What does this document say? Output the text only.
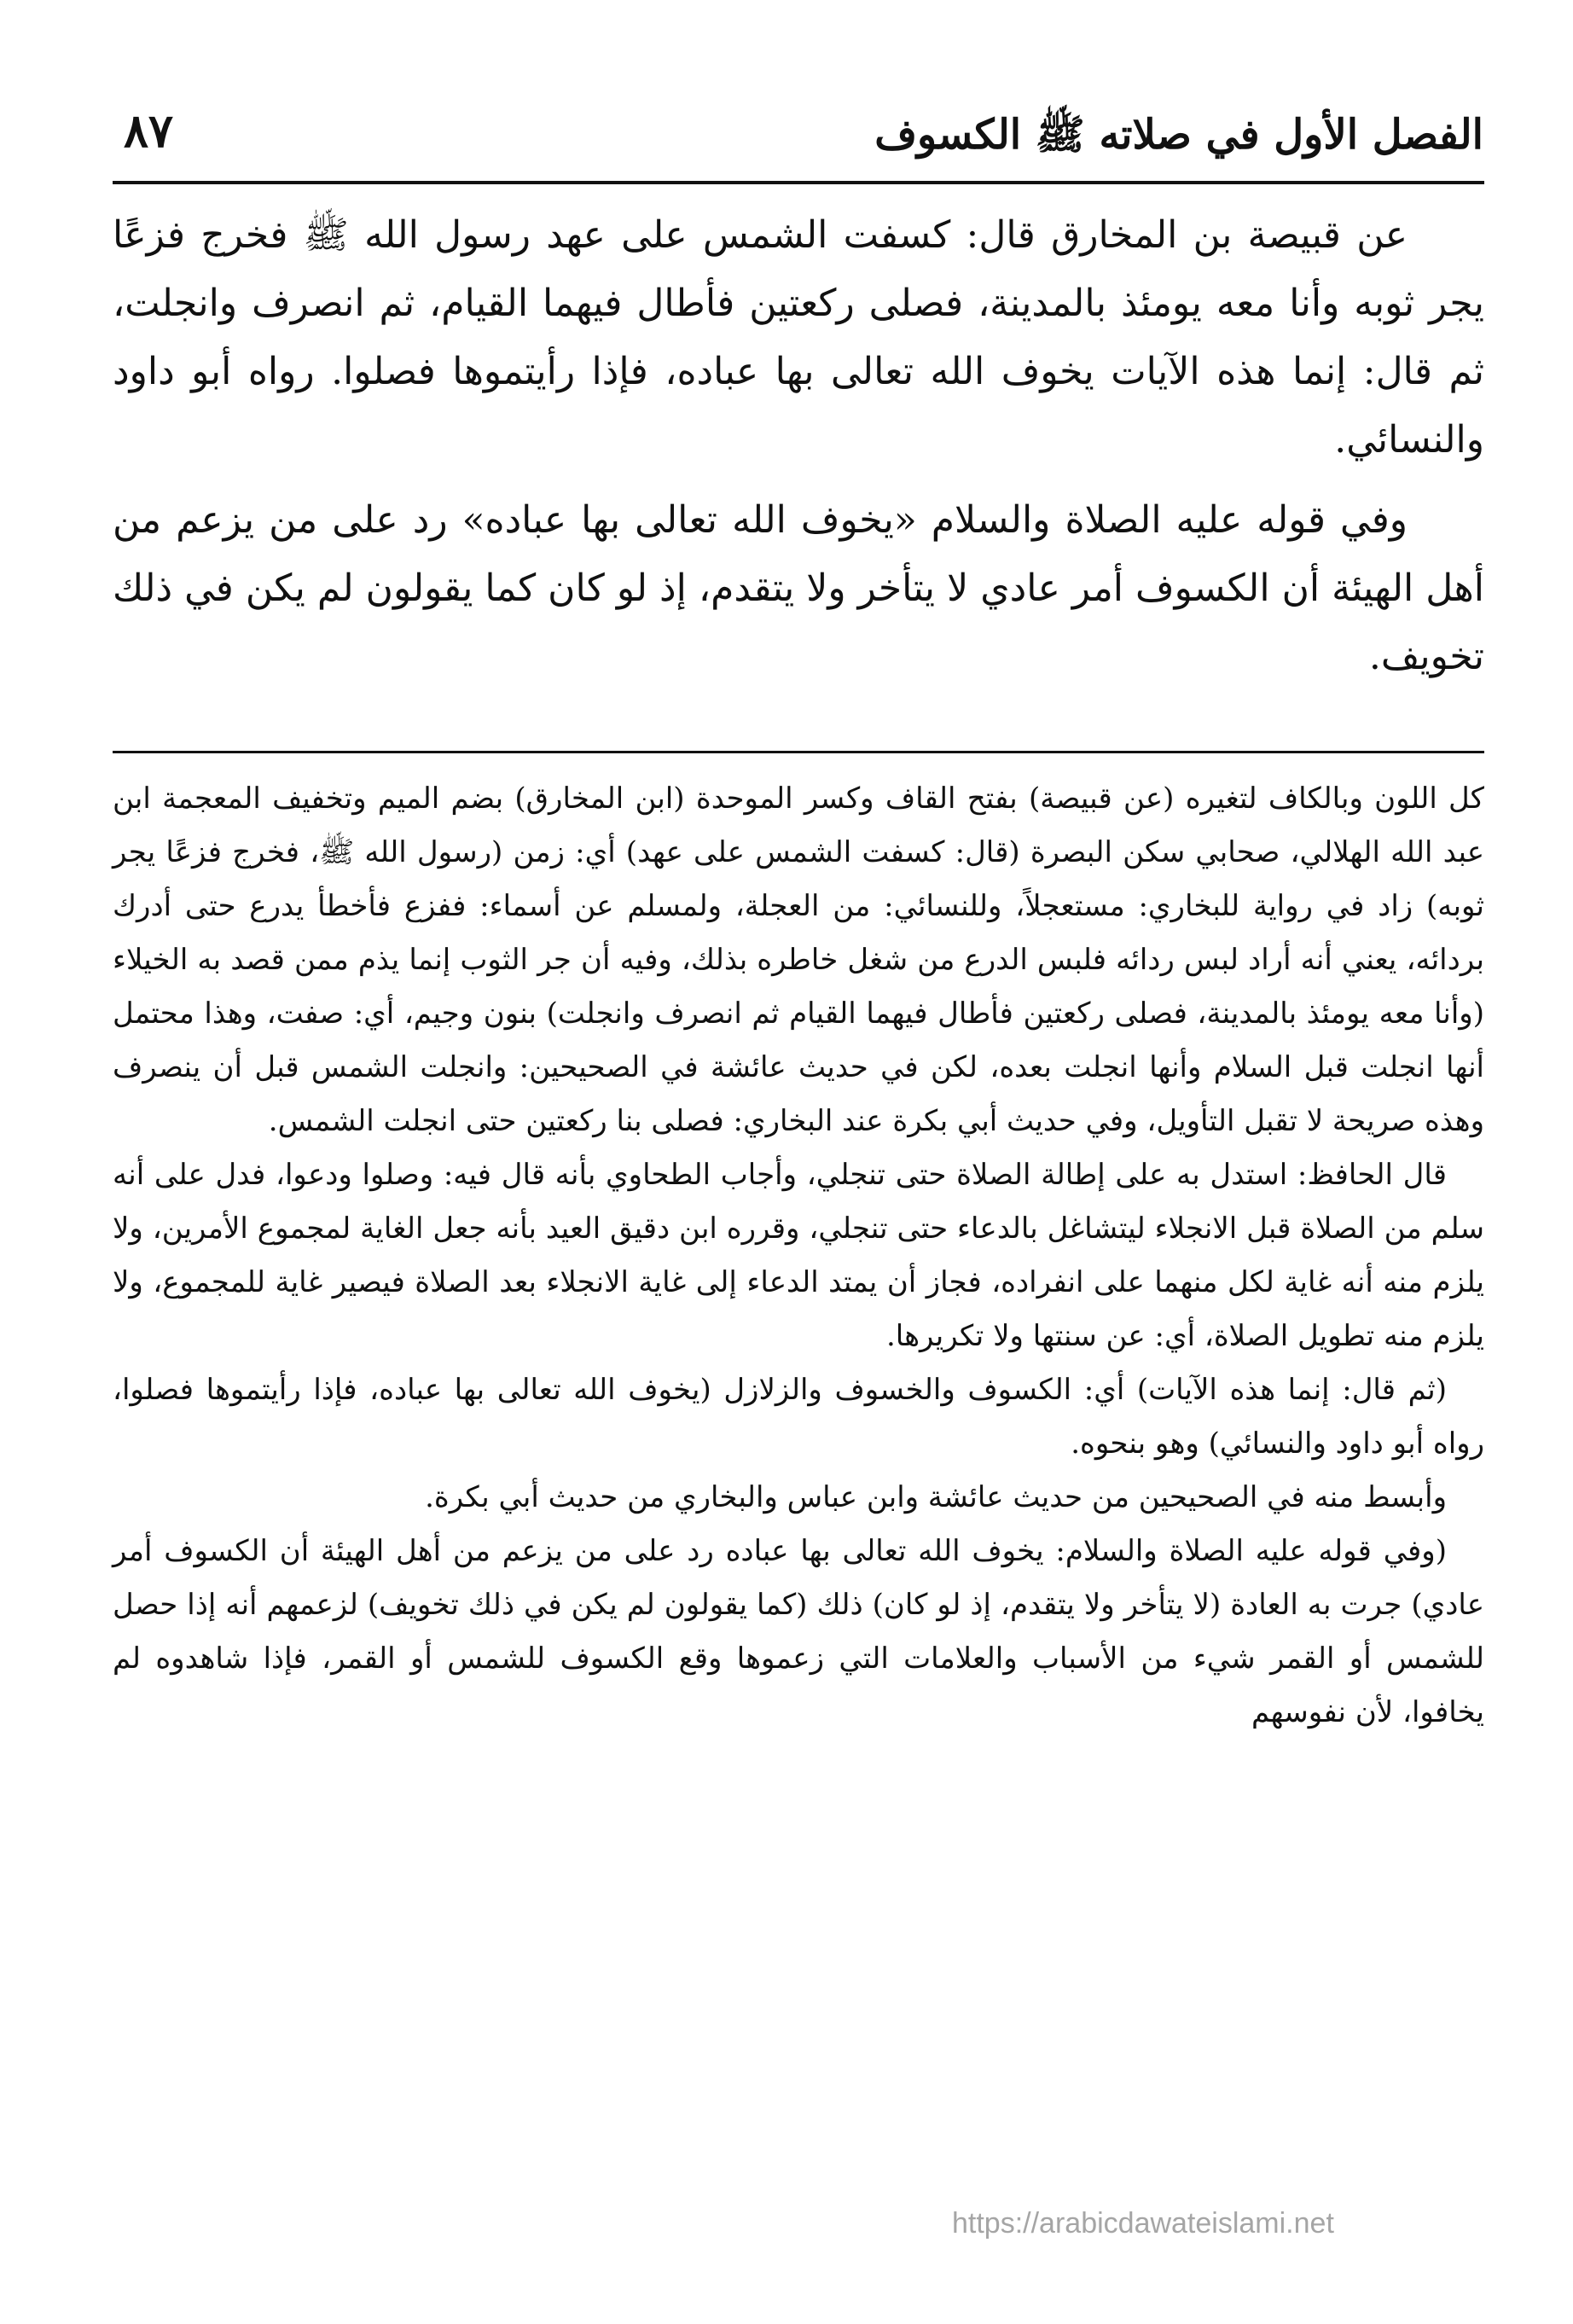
الفصل الأول في صلاته ﷺ الكسوف
٨٧

عن قبيصة بن المخارق قال: كسفت الشمس على عهد رسول الله ﷺ فخرج فزعًا يجر ثوبه وأنا معه يومئذ بالمدينة، فصلى ركعتين فأطال فيهما القيام، ثم انصرف وانجلت، ثم قال: إنما هذه الآيات يخوف الله تعالى بها عباده، فإذا رأيتموها فصلوا. رواه أبو داود والنسائي.

وفي قوله عليه الصلاة والسلام «يخوف الله تعالى بها عباده» رد على من يزعم من أهل الهيئة أن الكسوف أمر عادي لا يتأخر ولا يتقدم، إذ لو كان كما يقولون لم يكن في ذلك تخويف.

كل اللون وبالكاف لتغيره (عن قبيصة) بفتح القاف وكسر الموحدة (ابن المخارق) بضم الميم وتخفيف المعجمة ابن عبد الله الهلالي، صحابي سكن البصرة (قال: كسفت الشمس على عهد) أي: زمن (رسول الله ﷺ، فخرج فزعًا يجر ثوبه) زاد في رواية للبخاري: مستعجلاً، وللنسائي: من العجلة، ولمسلم عن أسماء: ففزع فأخطأ يدرع حتى أدرك بردائه، يعني أنه أراد لبس ردائه فلبس الدرع من شغل خاطره بذلك، وفيه أن جر الثوب إنما يذم ممن قصد به الخيلاء (وأنا معه يومئذ بالمدينة، فصلى ركعتين فأطال فيهما القيام ثم انصرف وانجلت) بنون وجيم، أي: صفت، وهذا محتمل أنها انجلت قبل السلام وأنها انجلت بعده، لكن في حديث عائشة في الصحيحين: وانجلت الشمس قبل أن ينصرف وهذه صريحة لا تقبل التأويل، وفي حديث أبي بكرة عند البخاري: فصلى بنا ركعتين حتى انجلت الشمس.

قال الحافظ: استدل به على إطالة الصلاة حتى تنجلي، وأجاب الطحاوي بأنه قال فيه: وصلوا ودعوا، فدل على أنه سلم من الصلاة قبل الانجلاء ليتشاغل بالدعاء حتى تنجلي، وقرره ابن دقيق العيد بأنه جعل الغاية لمجموع الأمرين، ولا يلزم منه أنه غاية لكل منهما على انفراده، فجاز أن يمتد الدعاء إلى غاية الانجلاء بعد الصلاة فيصير غاية للمجموع، ولا يلزم منه تطويل الصلاة، أي: عن سنتها ولا تكريرها.

(ثم قال: إنما هذه الآيات) أي: الكسوف والخسوف والزلازل (يخوف الله تعالى بها عباده، فإذا رأيتموها فصلوا، رواه أبو داود والنسائي) وهو بنحوه.

وأبسط منه في الصحيحين من حديث عائشة وابن عباس والبخاري من حديث أبي بكرة.

(وفي قوله عليه الصلاة والسلام: يخوف الله تعالى بها عباده رد على من يزعم من أهل الهيئة أن الكسوف أمر عادي) جرت به العادة (لا يتأخر ولا يتقدم، إذ لو كان) ذلك (كما يقولون لم يكن في ذلك تخويف) لزعمهم أنه إذا حصل للشمس أو القمر شيء من الأسباب والعلامات التي زعموها وقع الكسوف للشمس أو القمر، فإذا شاهدوه لم يخافوا، لأن نفوسهم

https://arabicdawateislami.net
